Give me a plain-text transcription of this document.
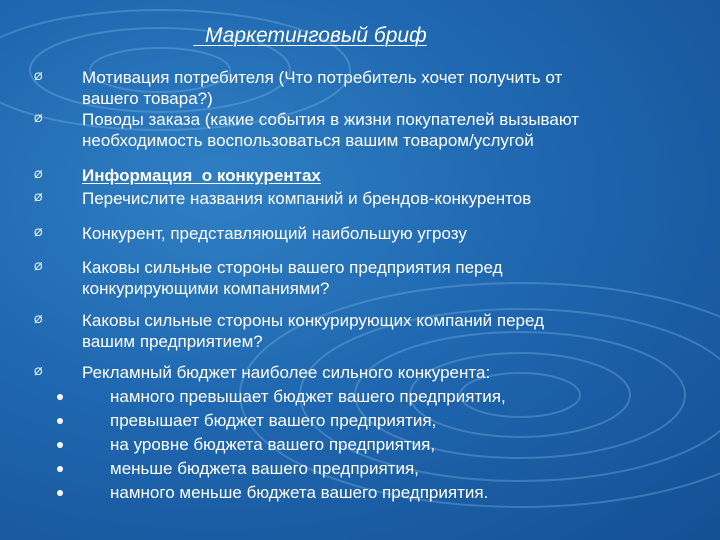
Маркетинговый бриф
Ø Мотивация потребителя (Что потребитель хочет получить от
вашего товара?)
Ø Поводы заказа (какие события в жизни покупателей вызывают
необходимость воспользоваться вашим товаром/услугой
Ø Информация  о конкурентах
Ø Перечислите названия компаний и брендов-конкурентов
Ø Конкурент, представляющий наибольшую угрозу
Ø Каковы сильные стороны вашего предприятия перед
конкурирующими компаниями?
Ø Каковы сильные стороны конкурирующих компаний перед
вашим предприятием?
Ø Рекламный бюджет наиболее сильного конкурента:
намного превышает бюджет вашего предприятия,
превышает бюджет вашего предприятия,
на уровне бюджета вашего предприятия,
меньше бюджета вашего предприятия,
намного меньше бюджета вашего предприятия.
